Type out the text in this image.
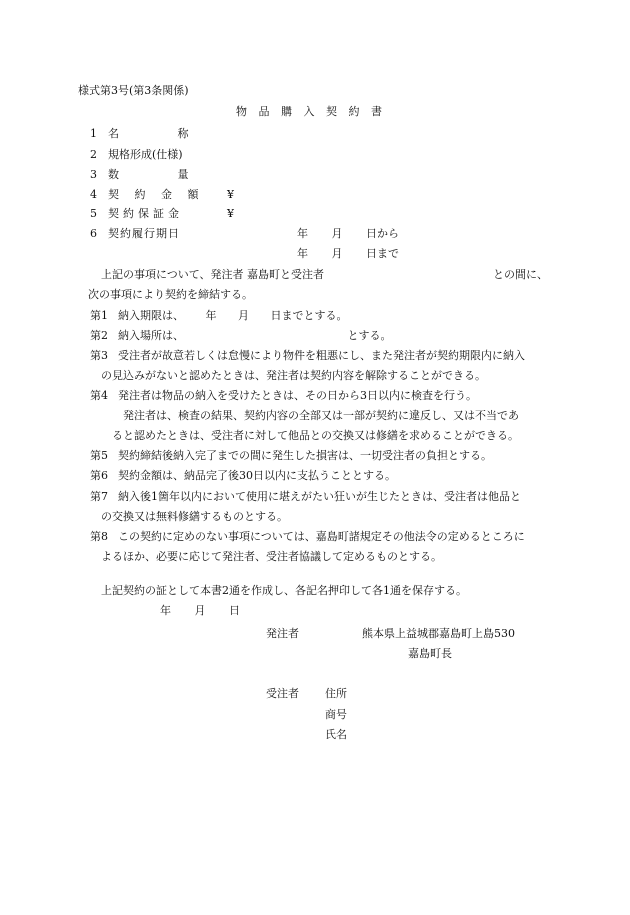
様式第3号(第3条関係)
物 品 購 入 契 約 書
1 名 称
2 規格形成(仕様)
3 数 量
4 契 約 金 額	¥
5 契約保証金	¥
6 契約履行期日	年 月 日から
年 月 日まで
上記の事項について、発注者 嘉島町と受注者	との間に、
次の事項により契約を締結する。
第1 納入期限は、 年 月 日までとする。
第2 納入場所は、 とする。
第3 受注者が故意若しくは怠慢により物件を粗悪にし、また発注者が契約期限内に納入
の見込みがないと認めたときは、発注者は契約内容を解除することができる。
第4 発注者は物品の納入を受けたときは、その日から3日以内に検査を行う。
発注者は、検査の結果、契約内容の全部又は一部が契約に違反し、又は不当であ
ると認めたときは、受注者に対して他品との交換又は修繕を求めることができる。
第5 契約締結後納入完了までの間に発生した損害は、一切受注者の負担とする。
第6 契約金額は、納品完了後30日以内に支払うこととする。
第7 納入後1箇年以内において使用に堪えがたい狂いが生じたときは、受注者は他品と
の交換又は無料修繕するものとする。
第8 この契約に定めのない事項については、嘉島町諸規定その他法令の定めるところに
よるほか、必要に応じて発注者、受注者協議して定めるものとする。
上記契約の証として本書2通を作成し、各記名押印して各1通を保存する。
年 月 日
発注者	熊本県上益城郡嘉島町上島530
嘉島町長
受注者 住所
商号
氏名
